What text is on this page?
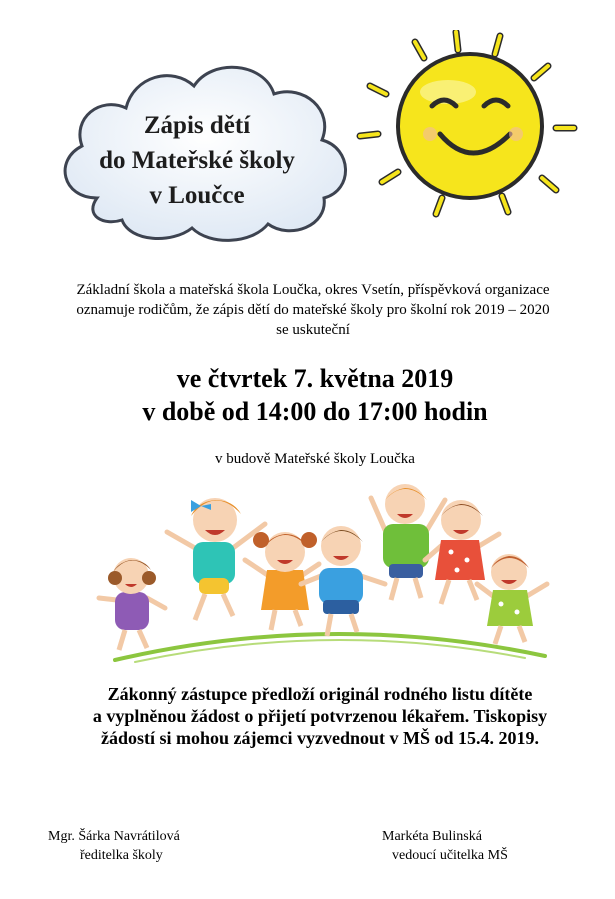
Zápis dětí
do Mateřské školy
v Loučce
Základní škola a mateřská škola Loučka, okres Vsetín, příspěvková organizace
oznamuje rodičům, že zápis dětí do mateřské školy pro školní rok 2019 – 2020
se uskuteční
ve čtvrtek 7. května 2019
v době od 14:00 do 17:00 hodin
v budově Mateřské školy Loučka
Zákonný zástupce předloží originál rodného listu dítěte
a vyplněnou žádost o přijetí potvrzenou lékařem. Tiskopisy
žádostí si mohou zájemci vyzvednout v MŠ od 15.4. 2019.
Mgr. Šárka Navrátilová
ředitelka školy
Markéta Bulinská
vedoucí učitelka MŠ
